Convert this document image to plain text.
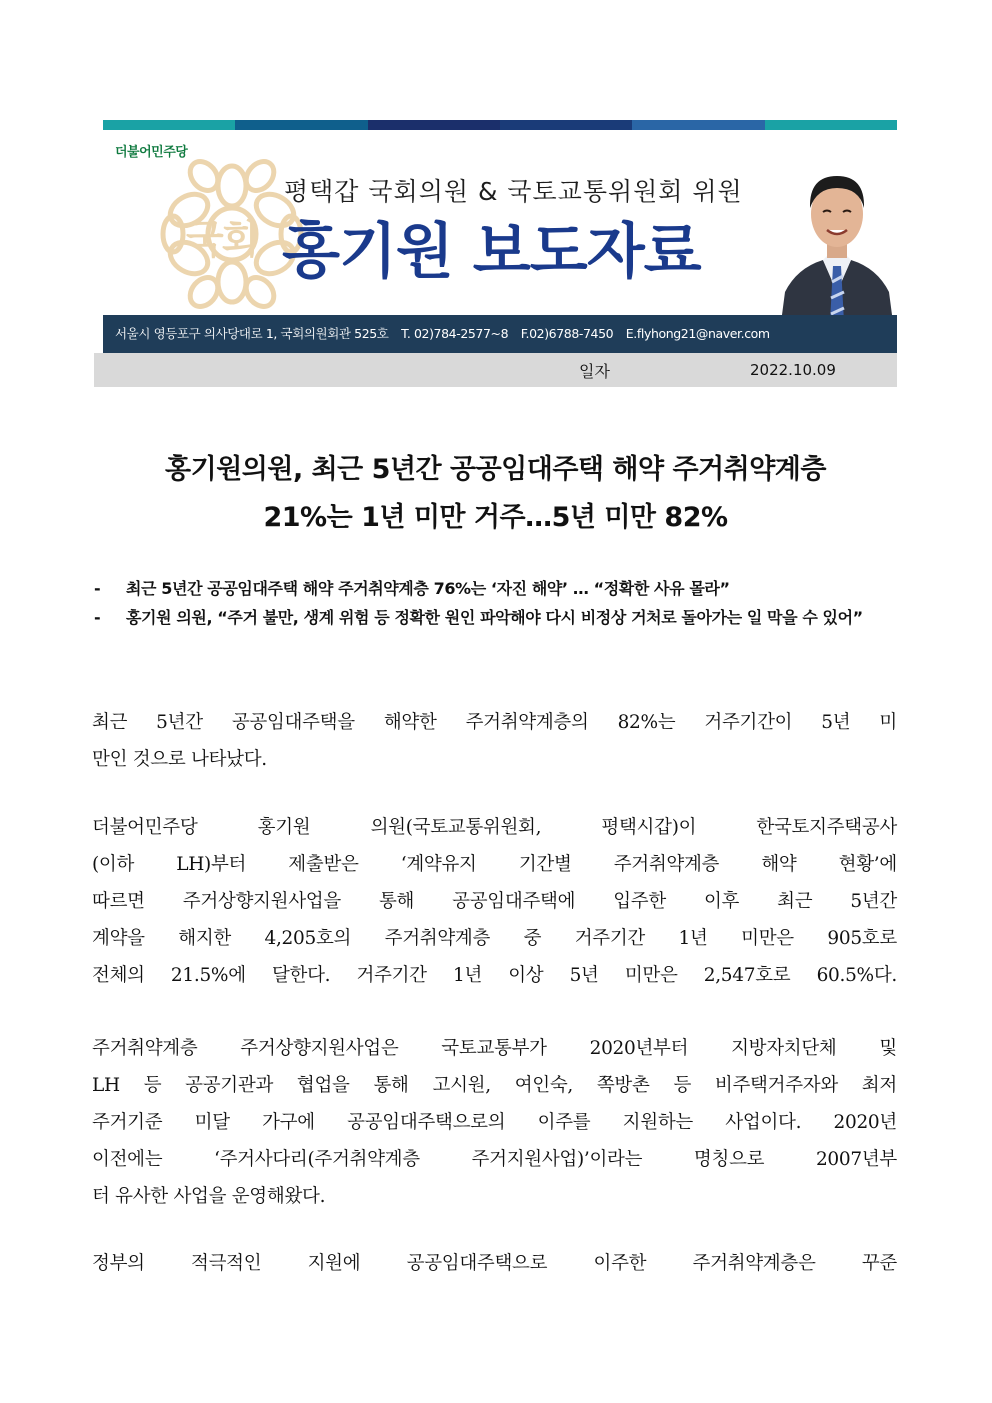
더불어민주당
국회
평택갑 국회의원 & 국토교통위원회 위원
홍기원 보도자료
서울시 영등포구 의사당대로 1, 국회의원회관 525호 T. 02)784-2577~8 F.02)6788-7450 E.flyhong21@naver.com
일자	2022.10.09
홍기원의원, 최근 5년간 공공임대주택 해약 주거취약계층
21%는 1년 미만 거주…5년 미만 82%
- 최근 5년간 공공임대주택 해약 주거취약계층 76%는 ‘자진 해약’ … “정확한 사유 몰라”
- 홍기원 의원, “주거 불만, 생계 위험 등 정확한 원인 파악해야 다시 비정상 거처로 돌아가는 일 막을 수 있어”
최근 5년간 공공임대주택을 해약한 주거취약계층의 82%는 거주기간이 5년 미
만인 것으로 나타났다.
더불어민주당	홍기원	의원(국토교통위원회,	평택시갑)이	한국토지주택공사
(이하 LH)부터 제출받은 ‘계약유지 기간별 주거취약계층 해약 현황’에
따르면 주거상향지원사업을 통해 공공임대주택에 입주한 이후 최근 5년간
계약을 해지한 4,205호의 주거취약계층 중 거주기간 1년 미만은 905호로
전체의 21.5%에 달한다. 거주기간 1년 이상 5년 미만은 2,547호로 60.5%다.
주거취약계층 주거상향지원사업은 국토교통부가 2020년부터 지방자치단체 및
LH 등 공공기관과 협업을 통해 고시원, 여인숙, 쪽방촌 등 비주택거주자와 최저
주거기준 미달 가구에 공공임대주택으로의 이주를 지원하는 사업이다. 2020년
이전에는	‘주거사다리(주거취약계층	주거지원사업)’이라는	명칭으로	2007년부
터 유사한 사업을 운영해왔다.
정부의	적극적인	지원에	공공임대주택으로	이주한	주거취약계층은	꾸준
